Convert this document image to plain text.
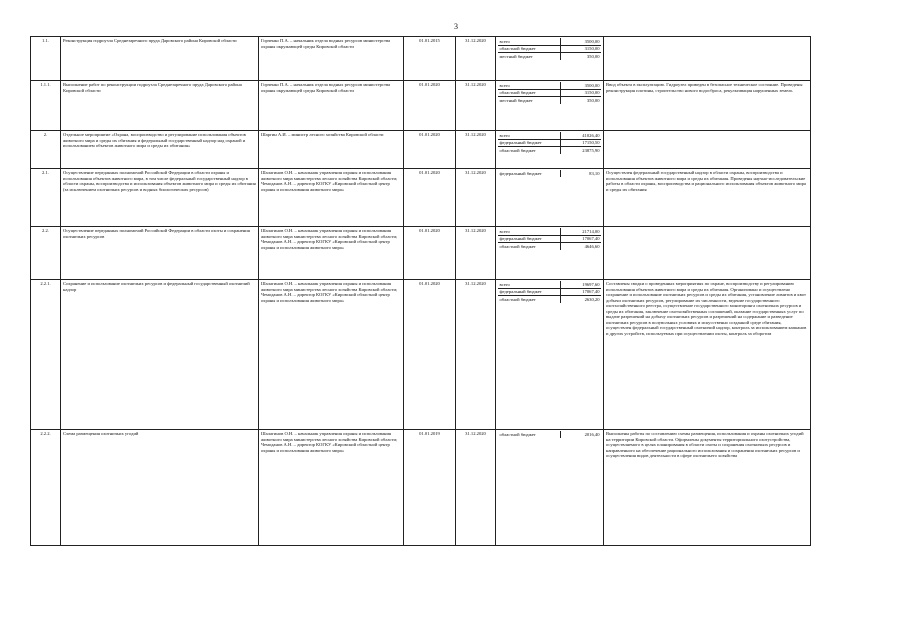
3
1.1.	Реконструкция гидроузла Среднезаречного пруда Даровского района Кировской области	Горченко П.А. – начальник отдела водных ресурсов министерства охраны окружающей среды Кировской области	01.01.2015	31.12.2020		всего	3500,00
областной бюджет	3150,00
местный бюджет	350,00

1.1.1.	Выполнение работ по реконструкции гидроузла Среднезаречного пруда Даровского района Кировской области	Горченко П.А. – начальник отдела водных ресурсов министерства охраны окружающей среды Кировской области	01.01.2020	31.12.2020		всего	3500,00
областной бюджет	3150,00
местный бюджет	350,00
	Ввод объекта в эксплуатацию. Гидроузел приведен в безопасное техническое состояние. Проведены реконструкция плотины, строительство нового водосброса, рекультивация нарушенных земель
2.	Отдельное мероприятие «Охрана, воспроизводство и регулирование использования объектов животного мира и среды их обитания и федеральный государственный надзор над охраной и использованием объектов животного мира и среды их обитания»	Шаргин А.И. – министр лесного хозяйства Кировской области	01.01.2020	31.12.2020		всего	41026,40
федеральный бюджет	17150,50
областной бюджет	23875,90

2.1.	Осуществление переданных полномочий Российской Федерации в области охраны и использования объектов животного мира, в том числе федеральный государственный надзор в области охраны, воспроизводства и использования объектов животного мира и среды их обитания (за исключением охотничьих ресурсов и водных биологических ресурсов)	Шалагинов О.Н. – начальник управления охраны и использования животного мира министерства лесного хозяйства Кировской области; Чемоданов А.Н. – директор КОГКУ «Кировский областной центр охраны и использования животного мира»	01.01.2020	31.12.2020		федеральный бюджет	83,10
	Осуществлен федеральный государственный надзор в области охраны, воспроизводства и использования объектов животного мира и среды их обитания. Проведены научно-исследовательские работы в области охраны, воспроизводства и рационального использования объектов животного мира и среды их обитания
2.2.	Осуществление переданных полномочий Российской Федерации в области охоты и сохранения охотничьих ресурсов	Шалагинов О.Н. – начальник управления охраны и использования животного мира министерства лесного хозяйства Кировской области; Чемоданов А.Н. – директор КОГКУ «Кировский областной центр охраны и использования животного мира»	01.01.2020	31.12.2020		всего	21714,00
федеральный бюджет	17067,40
областной бюджет	4646,60

2.2.1.	Сохранение и использование охотничьих ресурсов и федеральный государственный охотничий надзор	Шалагинов О.Н. – начальник управления охраны и использования животного мира министерства лесного хозяйства Кировской области; Чемоданов А.Н. – директор КОГКУ «Кировский областной центр охраны и использования животного мира»	01.01.2020	31.12.2020		всего	19697,60
федеральный бюджет	17067,40
областной бюджет	2630,20
	Составлены сводки о проведенных мероприятиях по охране, воспроизводству и регулированию использования объектов животного мира и среды их обитания. Организовано и осуществлено сохранение и использование охотничьих ресурсов и среды их обитания, установление лимитов и квот добычи охотничьих ресурсов, регулирование их численности, ведение государственного охотхозяйственного реестра, осуществление государственного мониторинга охотничьих ресурсов и среды их обитания, заключение охотхозяйственных соглашений, оказание государственных услуг по выдаче разрешений на добычу охотничьих ресурсов и разрешений на содержание и разведение охотничьих ресурсов в полувольных условиях и искусственно созданной среде обитания, осуществлен федеральный государственный охотничий надзор, контроль за использованием капканов и других устройств, используемых при осуществлении охоты, контроль за оборотом
2.2.2.	Схема размещения охотничьих угодий	Шалагинов О.Н. – начальник управления охраны и использования животного мира министерства лесного хозяйства Кировской области; Чемоданов А.Н. – директор КОГКУ «Кировский областной центр охраны и использования животного мира»	01.01.2019	31.12.2020		областной бюджет	2016,40
	Выполнены работы по составлению схемы размещения, использования и охраны охотничьих угодий на территории Кировской области. Оформлены документы территориального охотустройства, осуществляемого в целях планирования в области охоты и сохранения охотничьих ресурсов и направленного на обеспечение рационального использования и сохранения охотничьих ресурсов и осуществления видов деятельности в сфере охотничьего хозяйства
